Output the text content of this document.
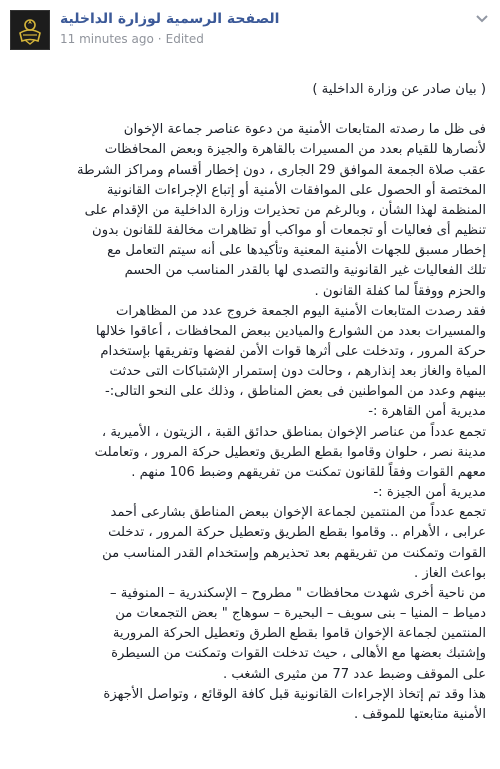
الصفحة الرسمية لوزارة الداخلية
11 minutes ago · Edited

( بيان صادر عن وزارة الداخلية )

فى ظل ما رصدته المتابعات الأمنية من دعوة عناصر جماعة الإخوان

لأنصارها للقيام بعدد من المسيرات بالقاهرة والجيزة وبعض المحافظات

عقب صلاة الجمعة الموافق 29 الجارى ، دون إخطار أقسام ومراكز الشرطة

المختصة أو الحصول على الموافقات الأمنية أو إتباع الإجراءات القانونية

المنظمة لهذا الشأن ، وبالرغم من تحذيرات وزارة الداخلية من الإقدام على

تنظيم أى فعاليات أو تجمعات أو مواكب أو تظاهرات مخالفة للقانون بدون

إخطار مسبق للجهات الأمنية المعنية وتأكيدها على أنه سيتم التعامل مع

تلك الفعاليات غير القانونية والتصدى لها بالقدر المناسب من الحسم

والحزم ووفقاً لما كفلة القانون .

فقد رصدت المتابعات الأمنية اليوم الجمعة خروج عدد من المظاهرات

والمسيرات بعدد من الشوارع والميادين ببعض المحافظات ، أعاقوا خلالها

حركة المرور ، وتدخلت على أثرها قوات الأمن لفضها وتفريقها بإستخدام

المياة والغاز بعد إنذارهم ، وحالت دون إستمرار الإشتباكات التى حدثت

بينهم وعدد من المواطنين فى بعض المناطق ، وذلك على النحو التالى:-

مديرية أمن القاهرة :-

تجمع عدداً من عناصر الإخوان بمناطق حدائق القبة ، الزيتون ، الأميرية ،

مدينة نصر ، حلوان وقاموا بقطع الطريق وتعطيل حركة المرور ، وتعاملت

معهم القوات وفقاً للقانون تمكنت من تفريقهم وضبط 106 منهم .

مديرية أمن الجيزة :-

تجمع عدداً من المنتمين لجماعة الإخوان ببعض المناطق بشارعى أحمد

عرابى ، الأهرام .. وقاموا بقطع الطريق وتعطيل حركة المرور ، تدخلت

القوات وتمكنت من تفريقهم بعد تحذيرهم وإستخدام القدر المناسب من

بواعث الغاز .

من ناحية أخرى شهدت محافظات " مطروح – الإسكندرية – المنوفية –

دمياط – المنيا – بنى سويف – البحيرة – سوهاج " بعض التجمعات من

المنتمين لجماعة الإخوان قاموا بقطع الطرق وتعطيل الحركة المرورية

وإشتبك بعضها مع الأهالى ، حيث تدخلت القوات وتمكنت من السيطرة

على الموقف وضبط عدد 77 من مثيرى الشغب .

هذا وقد تم إتخاذ الإجراءات القانونية قبل كافة الوقائع ، وتواصل الأجهزة

الأمنية متابعتها للموقف .
